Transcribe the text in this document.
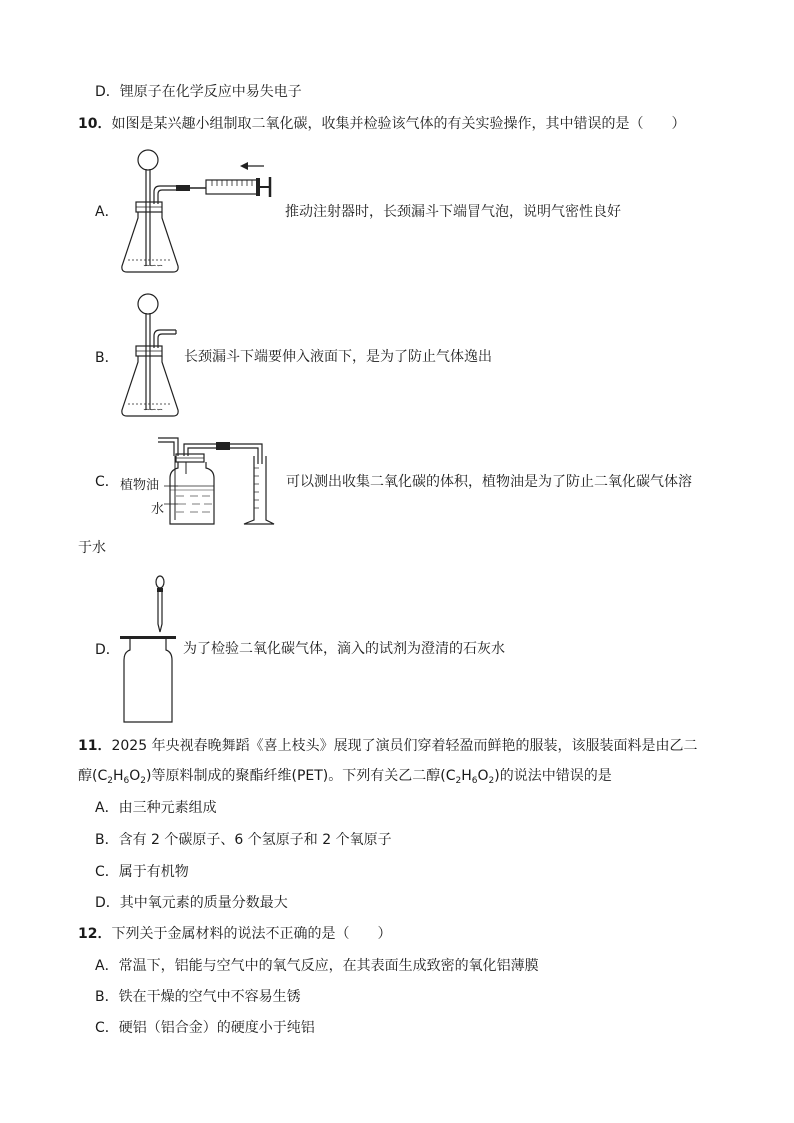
D．锂原子在化学反应中易失电子
10．如图是某兴趣小组制取二氧化碳，收集并检验该气体的有关实验操作，其中错误的是（　　）
A．
∽∽∽
推动注射器时，长颈漏斗下端冒气泡，说明气密性良好
B．
∽∽∽
长颈漏斗下端要伸入液面下，是为了防止气体逸出
C． 植物油
水
可以测出收集二氧化碳的体积，植物油是为了防止二氧化碳气体溶
于水
D．	为了检验二氧化碳气体，滴入的试剂为澄清的石灰水
11．2025 年央视春晚舞蹈《喜上枝头》展现了演员们穿着轻盈而鲜艳的服装，该服装面料是由乙二
醇$(C_2H_6O_2)$等原料制成的聚酯纤维(PET)。下列有关乙二醇$(C_2H_6O_2)$的说法中错误的是
A．由三种元素组成
B．含有 2 个碳原子、6 个氢原子和 2 个氧原子
C．属于有机物
D．其中氧元素的质量分数最大
12．下列关于金属材料的说法不正确的是（　　）
A．常温下，铝能与空气中的氧气反应，在其表面生成致密的氧化铝薄膜
B．铁在干燥的空气中不容易生锈
C．硬铝（铝合金）的硬度小于纯铝
